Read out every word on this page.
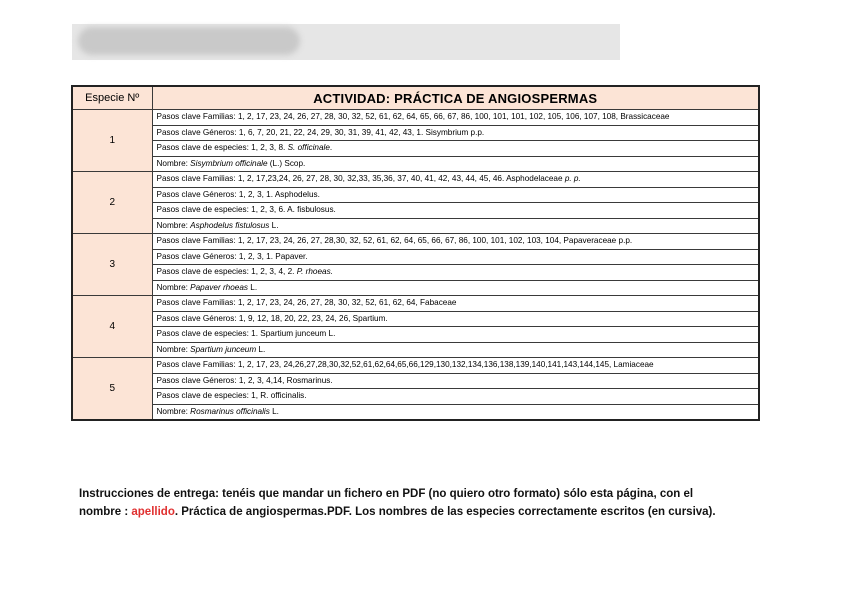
Especie Nº	ACTIVIDAD: PRÁCTICA DE ANGIOSPERMAS
1	Pasos clave Familias: 1, 2, 17, 23, 24, 26, 27, 28, 30, 32, 52, 61, 62, 64, 65, 66, 67, 86, 100, 101, 101, 102, 105, 106, 107, 108, Brassicaceae
	Pasos clave Géneros: 1, 6, 7, 20, 21, 22, 24, 29, 30, 31, 39, 41, 42, 43, 1. Sisymbrium p.p.
	Pasos clave de especies: 1, 2, 3, 8. S. officinale.
	Nombre: Sisymbrium officinale (L.) Scop.
2	Pasos clave Familias: 1, 2, 17,23,24, 26, 27, 28, 30, 32,33, 35,36, 37, 40, 41, 42, 43, 44, 45, 46. Asphodelaceae p. p.
	Pasos clave Géneros: 1, 2, 3, 1. Asphodelus.
	Pasos clave de especies: 1, 2, 3, 6. A. fisbulosus.
	Nombre: Asphodelus fistulosus L.
3	Pasos clave Familias: 1, 2, 17, 23, 24, 26, 27, 28,30, 32, 52, 61, 62, 64, 65, 66, 67, 86, 100, 101, 102, 103, 104, Papaveraceae p.p.
	Pasos clave Géneros: 1, 2, 3, 1. Papaver.
	Pasos clave de especies: 1, 2, 3, 4, 2. P. rhoeas.
	Nombre: Papaver rhoeas L.
4	Pasos clave Familias: 1, 2, 17, 23, 24, 26, 27, 28, 30, 32, 52, 61, 62, 64, Fabaceae
	Pasos clave Géneros: 1, 9, 12, 18, 20, 22, 23, 24, 26, Spartium.
	Pasos clave de especies: 1. Spartium junceum L.
	Nombre: Spartium junceum L.
5	Pasos clave Familias: 1, 2, 17, 23, 24,26,27,28,30,32,52,61,62,64,65,66,129,130,132,134,136,138,139,140,141,143,144,145, Lamiaceae
	Pasos clave Géneros: 1, 2, 3, 4,14, Rosmarinus.
	Pasos clave de especies: 1, R. officinalis.
	Nombre: Rosmarinus officinalis L.
Instrucciones de entrega: tenéis que mandar un fichero en PDF (no quiero otro formato) sólo esta página, con el
nombre : apellido. Práctica de angiospermas.PDF. Los nombres de las especies correctamente escritos (en cursiva).
